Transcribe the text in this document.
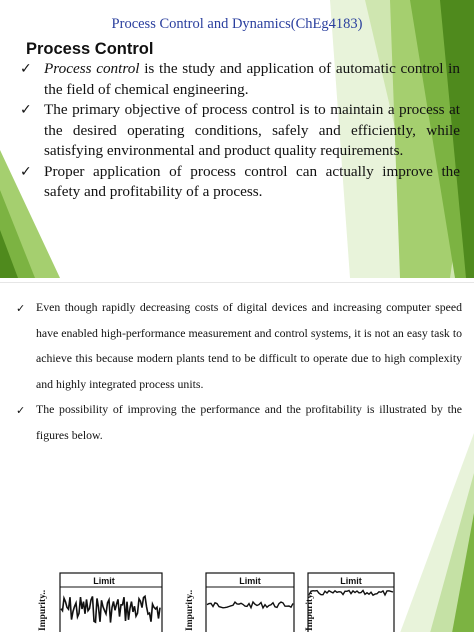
Process Control and Dynamics(ChEg4183)
Process Control
✓ Process control is the study and application of automatic control in the field of chemical engineering.
✓ The primary objective of process control is to maintain a process at the desired operating conditions, safely and efficiently, while satisfying environmental and product quality requirements.
✓ Proper application of process control can actually improve the safety and profitability of a process.
✓ Even though rapidly decreasing costs of digital devices and increasing computer speed have enabled high-performance measurement and control systems, it is not an easy task to achieve this because modern plants tend to be difficult to operate due to high complexity and highly integrated process units.
✓ The possibility of improving the performance and the profitability is illustrated by the figures below.
Impurity..
Limit
Impurity..
Limit
Impurity..
Limit
